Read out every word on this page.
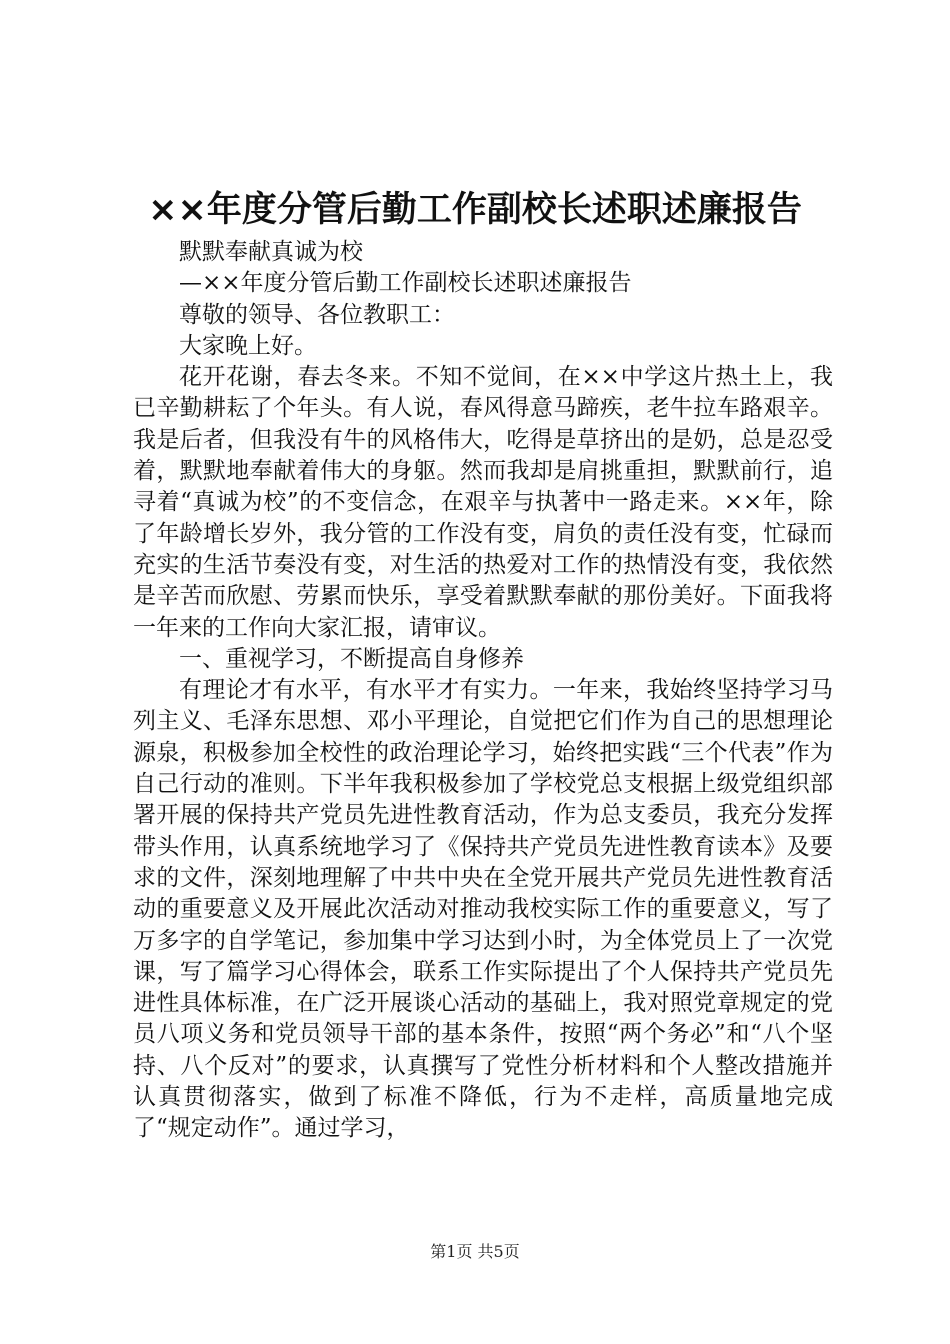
××年度分管后勤工作副校长述职述廉报告

默默奉献真诚为校

—××年度分管后勤工作副校长述职述廉报告

尊敬的领导、各位教职工：

大家晚上好。

花开花谢，春去冬来。不知不觉间，在××中学这片热土上，我已辛勤耕耘了个年头。有人说，春风得意马蹄疾，老牛拉车路艰辛。我是后者，但我没有牛的风格伟大，吃得是草挤出的是奶，总是忍受着，默默地奉献着伟大的身躯。然而我却是肩挑重担，默默前行，追寻着“真诚为校”的不变信念，在艰辛与执著中一路走来。××年，除了年龄增长岁外，我分管的工作没有变，肩负的责任没有变，忙碌而充实的生活节奏没有变，对生活的热爱对工作的热情没有变，我依然是辛苦而欣慰、劳累而快乐，享受着默默奉献的那份美好。下面我将一年来的工作向大家汇报，请审议。

一、重视学习，不断提高自身修养

有理论才有水平，有水平才有实力。一年来，我始终坚持学习马列主义、毛泽东思想、邓小平理论，自觉把它们作为自己的思想理论源泉，积极参加全校性的政治理论学习，始终把实践“三个代表”作为自己行动的准则。下半年我积极参加了学校党总支根据上级党组织部署开展的保持共产党员先进性教育活动，作为总支委员，我充分发挥带头作用，认真系统地学习了《保持共产党员先进性教育读本》及要求的文件，深刻地理解了中共中央在全党开展共产党员先进性教育活动的重要意义及开展此次活动对推动我校实际工作的重要意义，写了万多字的自学笔记，参加集中学习达到小时，为全体党员上了一次党课，写了篇学习心得体会，联系工作实际提出了个人保持共产党员先进性具体标准，在广泛开展谈心活动的基础上，我对照党章规定的党员八项义务和党员领导干部的基本条件，按照“两个务必”和“八个坚持、八个反对”的要求，认真撰写了党性分析材料和个人整改措施并认真贯彻落实，做到了标准不降低，行为不走样，高质量地完成了“规定动作”。通过学习，

第1页 共5页
